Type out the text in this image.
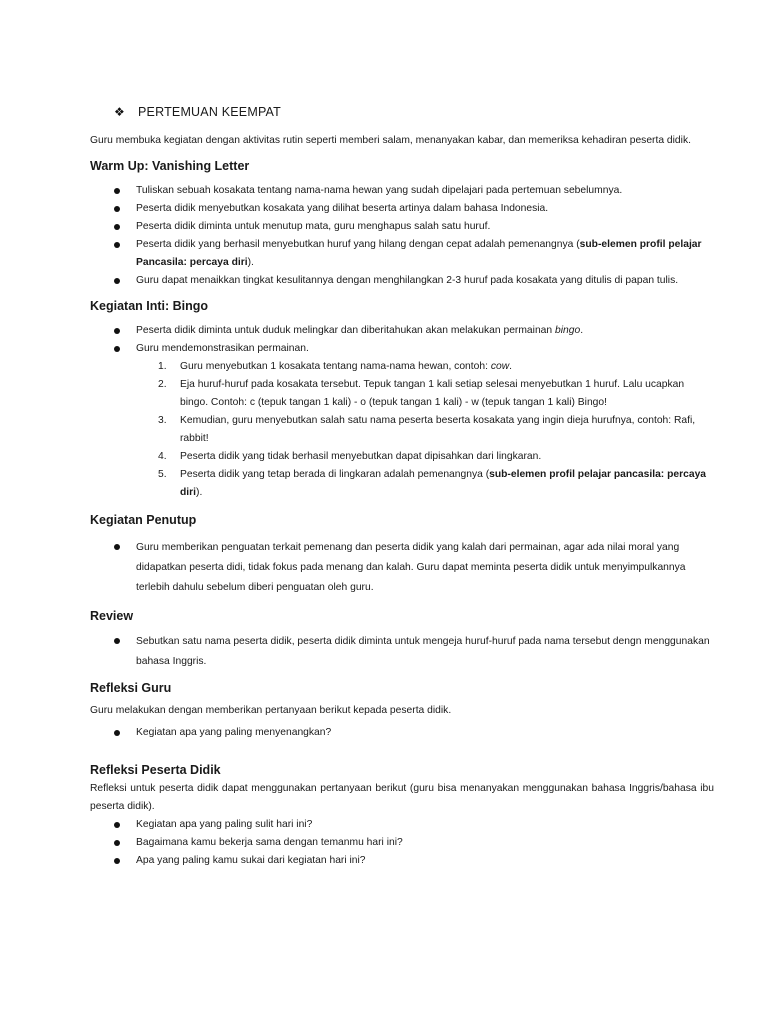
❖	PERTEMUAN KEEMPAT

Guru membuka kegiatan dengan aktivitas rutin seperti memberi salam, menanyakan kabar, dan memeriksa kehadiran peserta didik.

Warm Up: Vanishing Letter
Tuliskan sebuah kosakata tentang nama-nama hewan yang sudah dipelajari pada pertemuan sebelumnya.
Peserta didik menyebutkan kosakata yang dilihat beserta artinya dalam bahasa Indonesia.
Peserta didik diminta untuk menutup mata, guru menghapus salah satu huruf.
Peserta didik yang berhasil menyebutkan huruf yang hilang dengan cepat adalah pemenangnya (sub-elemen profil pelajar Pancasila: percaya diri).
Guru dapat menaikkan tingkat kesulitannya dengan menghilangkan 2-3 huruf pada kosakata yang ditulis di papan tulis.
Kegiatan Inti: Bingo
Peserta didik diminta untuk duduk melingkar dan diberitahukan akan melakukan permainan bingo.
Guru mendemonstrasikan permainan.
1. Guru menyebutkan 1 kosakata tentang nama-nama hewan, contoh: cow.
2. Eja huruf-huruf pada kosakata tersebut. Tepuk tangan 1 kali setiap selesai menyebutkan 1 huruf. Lalu ucapkan bingo. Contoh: c (tepuk tangan 1 kali) - o (tepuk tangan 1 kali) - w (tepuk tangan 1 kali) Bingo!
3. Kemudian, guru menyebutkan salah satu nama peserta beserta kosakata yang ingin dieja hurufnya, contoh: Rafi, rabbit!
4. Peserta didik yang tidak berhasil menyebutkan dapat dipisahkan dari lingkaran.
5. Peserta didik yang tetap berada di lingkaran adalah pemenangnya (sub-elemen profil pelajar pancasila: percaya diri).
Kegiatan Penutup
Guru memberikan penguatan terkait pemenang dan peserta didik yang kalah dari permainan, agar ada nilai moral yang didapatkan peserta didi, tidak fokus pada menang dan kalah. Guru dapat meminta peserta didik untuk menyimpulkannya terlebih dahulu sebelum diberi penguatan oleh guru.
Review
Sebutkan satu nama peserta didik, peserta didik diminta untuk mengeja huruf-huruf pada nama tersebut dengn menggunakan bahasa Inggris.
Refleksi Guru

Guru melakukan dengan memberikan pertanyaan berikut kepada peserta didik.

Kegiatan apa yang paling menyenangkan?
Refleksi Peserta Didik

Refleksi untuk peserta didik dapat menggunakan pertanyaan berikut (guru bisa menanyakan menggunakan bahasa Inggris/bahasa ibu peserta didik).

Kegiatan apa yang paling sulit hari ini?
Bagaimana kamu bekerja sama dengan temanmu hari ini?
Apa yang paling kamu sukai dari kegiatan hari ini?
